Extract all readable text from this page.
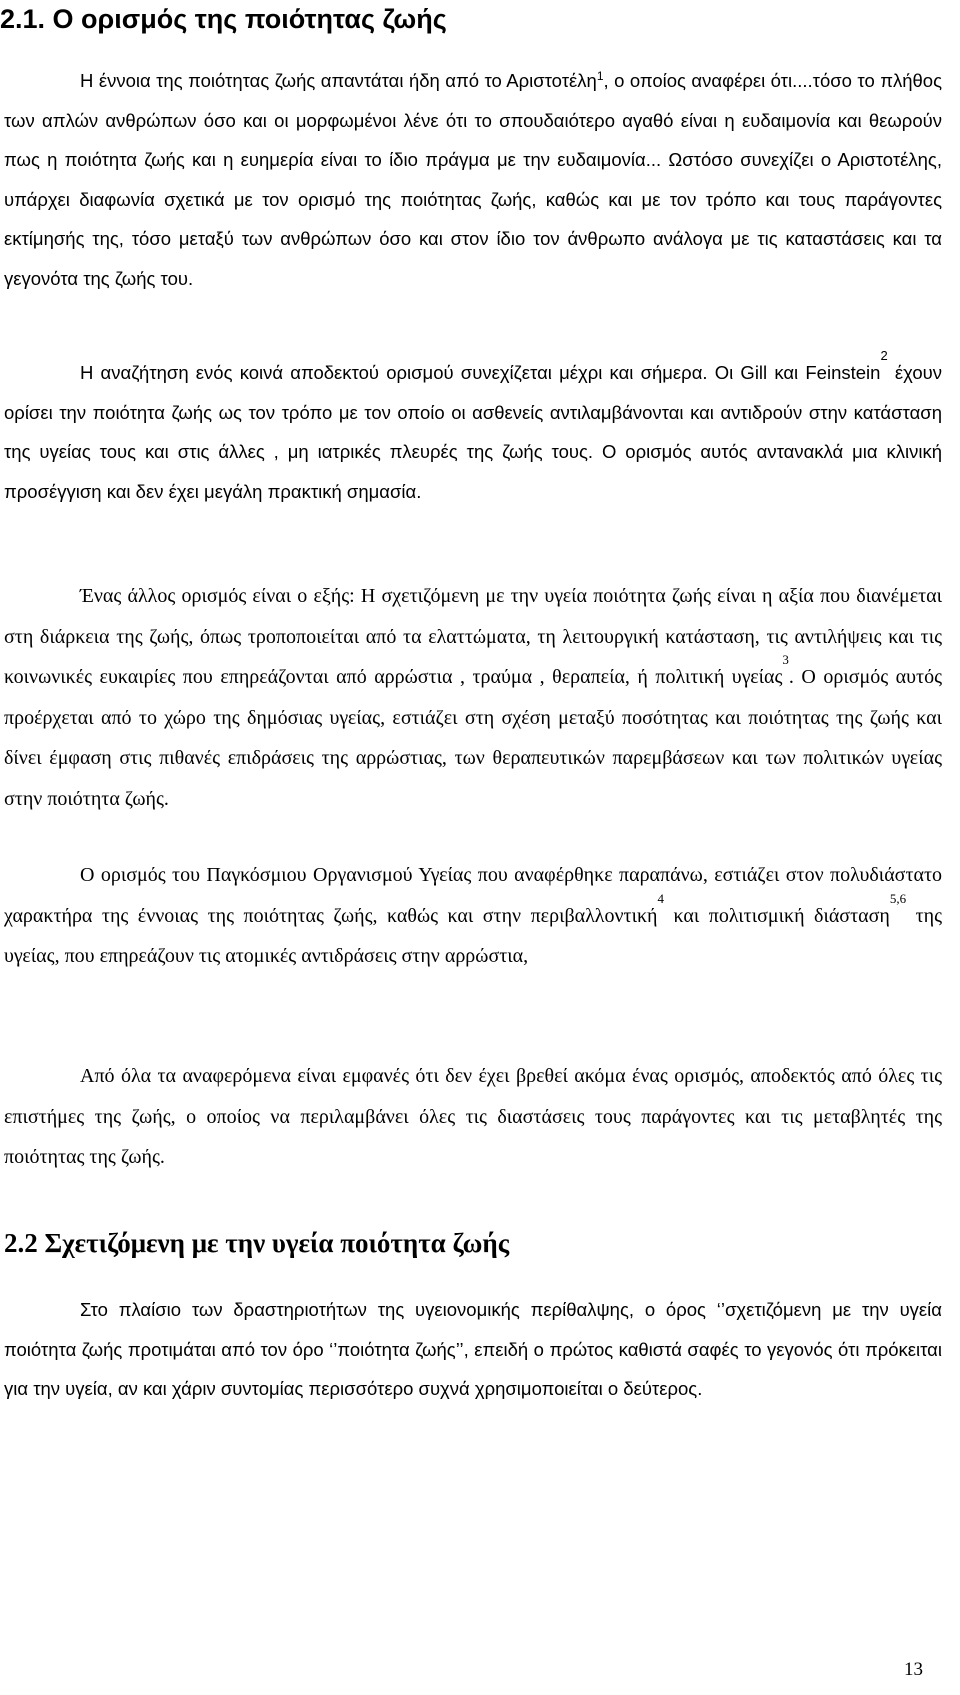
2.1. Ο ορισμός της ποιότητας ζωής

Η έννοια της ποιότητας ζωής απαντάται ήδη από το Αριστοτέλη$^1$, ο οποίος αναφέρει ότι....τόσο το πλήθος των απλών ανθρώπων όσο και οι μορφωμένοι λένε ότι το σπουδαιότερο αγαθό είναι η ευδαιμονία και θεωρούν πως η ποιότητα ζωής και η ευημερία είναι το ίδιο πράγμα με την ευδαιμονία... Ωστόσο συνεχίζει ο Αριστοτέλης, υπάρχει διαφωνία σχετικά με τον ορισμό της ποιότητας ζωής, καθώς και με τον τρόπο και τους παράγοντες εκτίμησής της, τόσο μεταξύ των ανθρώπων όσο και στον ίδιο τον άνθρωπο ανάλογα με τις καταστάσεις και τα γεγονότα της ζωής του.

Η αναζήτηση ενός κοινά αποδεκτού ορισμού συνεχίζεται μέχρι και σήμερα. Οι Gill και Feinstein$^2$ έχουν ορίσει την ποιότητα ζωής ως τον τρόπο με τον οποίο οι ασθενείς αντιλαμβάνονται και αντιδρούν στην κατάσταση της υγείας τους και στις άλλες , μη ιατρικές πλευρές της ζωής τους. Ο ορισμός αυτός αντανακλά μια κλινική προσέγγιση και δεν έχει μεγάλη πρακτική σημασία.

Ένας άλλος ορισμός είναι ο εξής: Η σχετιζόμενη με την υγεία ποιότητα ζωής είναι η αξία που διανέμεται στη διάρκεια της ζωής, όπως τροποποιείται από τα ελαττώματα, τη λειτουργική κατάσταση, τις αντιλήψεις και τις κοινωνικές ευκαιρίες που επηρεάζονται από αρρώστια , τραύμα , θεραπεία, ή πολιτική υγείας$^3$. Ο ορισμός αυτός προέρχεται από το χώρο της δημόσιας υγείας, εστιάζει στη σχέση μεταξύ ποσότητας και ποιότητας της ζωής και δίνει έμφαση στις πιθανές επιδράσεις της αρρώστιας, των θεραπευτικών παρεμβάσεων και των πολιτικών υγείας στην ποιότητα ζωής.

Ο ορισμός του Παγκόσμιου Οργανισμού Υγείας που αναφέρθηκε παραπάνω, εστιάζει στον πολυδιάστατο χαρακτήρα της έννοιας της ποιότητας ζωής, καθώς και στην περιβαλλοντική$^4$ και πολιτισμική διάσταση$^{5,6}$ της υγείας, που επηρεάζουν τις ατομικές αντιδράσεις στην αρρώστια,

Από όλα τα αναφερόμενα είναι εμφανές ότι δεν έχει βρεθεί ακόμα ένας ορισμός, αποδεκτός από όλες τις επιστήμες της ζωής, ο οποίος να περιλαμβάνει όλες τις διαστάσεις τους παράγοντες και τις μεταβλητές της ποιότητας της ζωής.

2.2 Σχετιζόμενη με την υγεία ποιότητα ζωής

Στο πλαίσιο των δραστηριοτήτων της υγειονομικής περίθαλψης, ο όρος ‘’σχετιζόμενη με την υγεία ποιότητα ζωής προτιμάται από τον όρο ‘’ποιότητα ζωής’’, επειδή ο πρώτος καθιστά σαφές το γεγονός ότι πρόκειται για την υγεία, αν και χάριν συντομίας περισσότερο συχνά χρησιμοποιείται ο δεύτερος.

13
